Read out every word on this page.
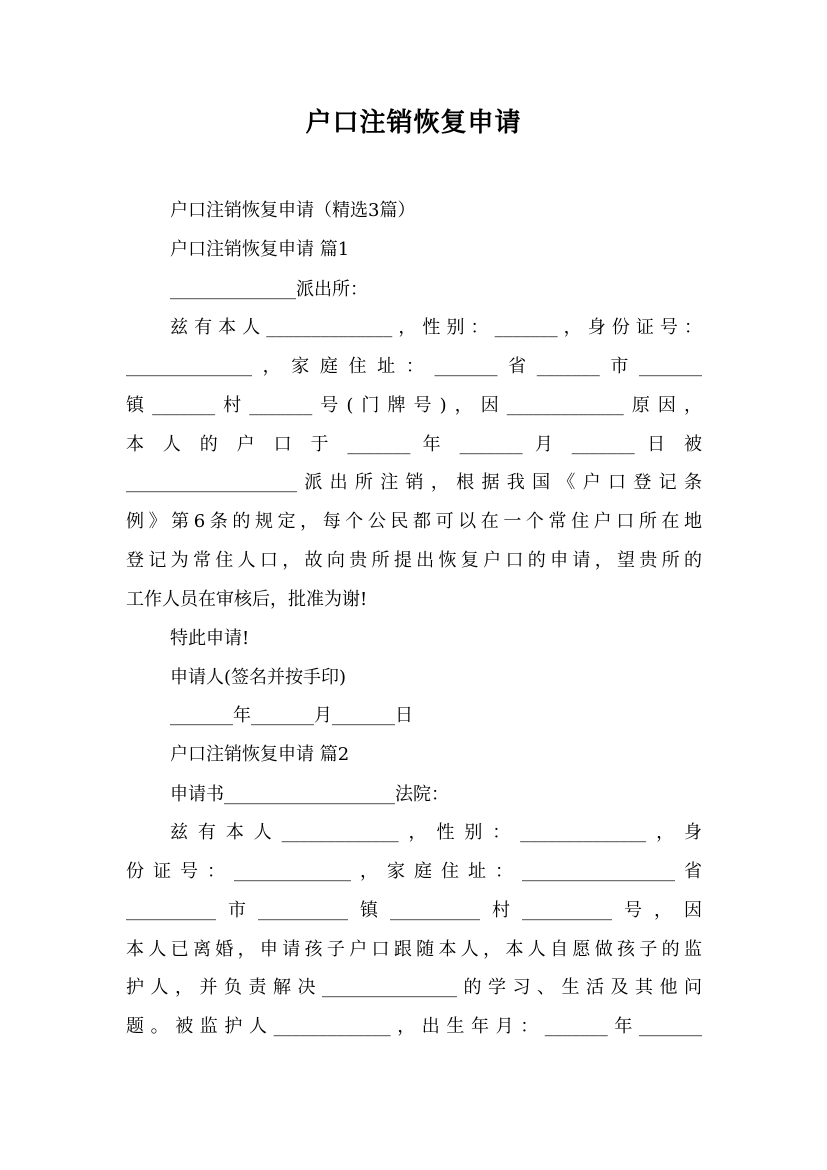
户口注销恢复申请
户口注销恢复申请（精选3篇）
户口注销恢复申请 篇1
______________派出所：
兹有本人______________，性别：_______，身份证号：
______________，家庭住址：_______省_______市_______
镇_______村_______号(门牌号)，因_____________原因，
本 人 的 户 口 于 _______ 年 _______ 月 _______ 日 被
___________________派出所注销，根据我国《户口登记条
例》第6条的规定，每个公民都可以在一个常住户口所在地
登记为常住人口，故向贵所提出恢复户口的申请，望贵所的
工作人员在审核后，批准为谢!
特此申请!
申请人(签名并按手印)
_______年_______月_______日
户口注销恢复申请 篇2
申请书___________________法院：
兹有本人_____________，性别：______________，身
份证号：_____________，家庭住址：_________________省
__________市__________镇__________村__________号，因
本人已离婚，申请孩子户口跟随本人，本人自愿做孩子的监
护人，并负责解决_______________的学习、生活及其他问
题。被监护人_____________，出生年月：_______年_______
